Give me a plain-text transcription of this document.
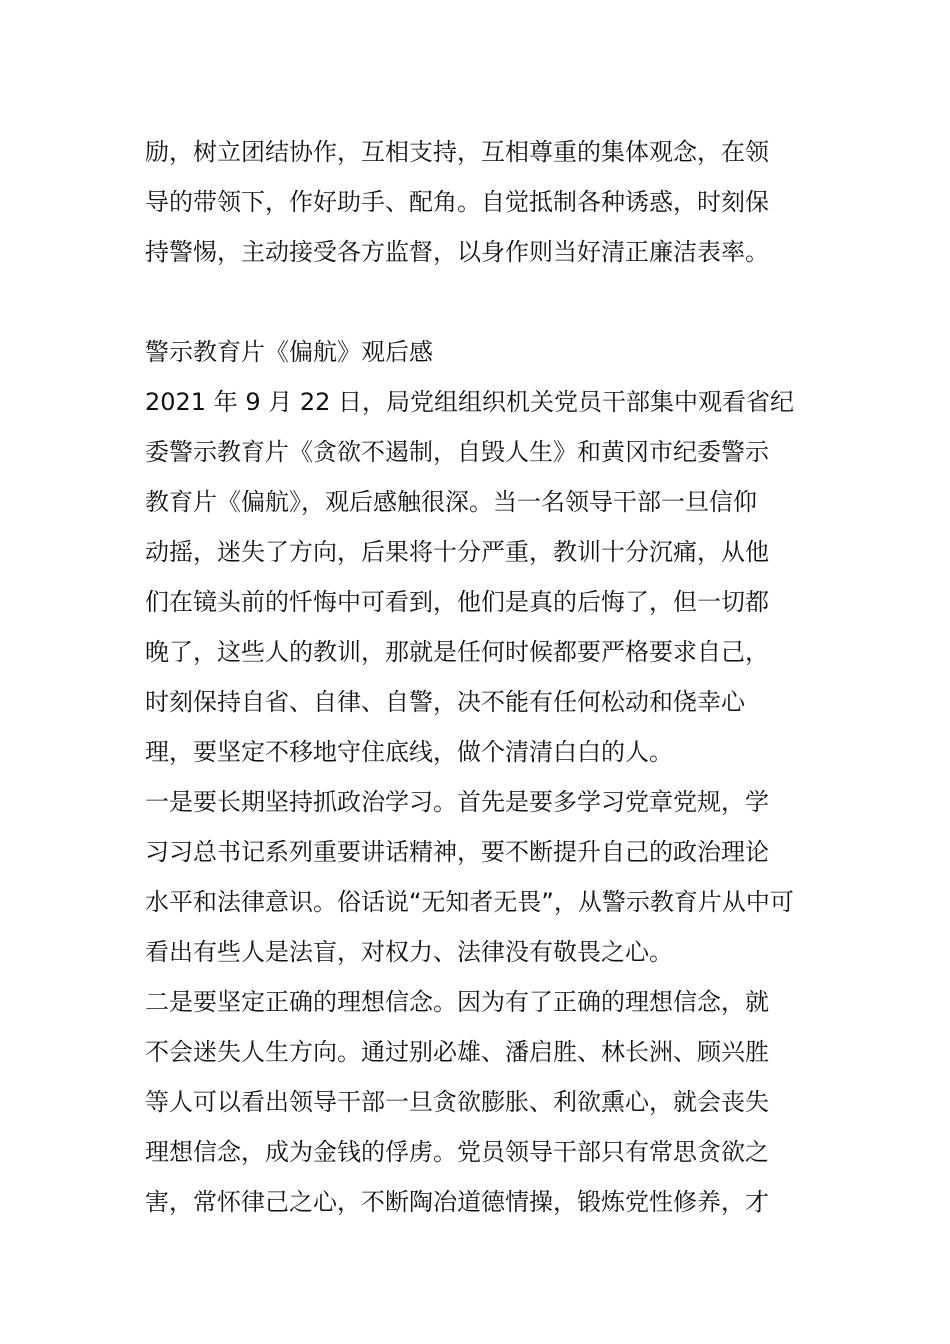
励，树立团结协作，互相支持，互相尊重的集体观念，在领
导的带领下，作好助手、配角。自觉抵制各种诱惑，时刻保
持警惕，主动接受各方监督，以身作则当好清正廉洁表率。
警示教育片《偏航》观后感
2021 年 9 月 22 日，局党组组织机关党员干部集中观看省纪
委警示教育片《贪欲不遏制，自毁人生》和黄冈市纪委警示
教育片《偏航》，观后感触很深。当一名领导干部一旦信仰
动摇，迷失了方向，后果将十分严重，教训十分沉痛，从他
们在镜头前的忏悔中可看到，他们是真的后悔了，但一切都
晚了，这些人的教训，那就是任何时候都要严格要求自己，
时刻保持自省、自律、自警，决不能有任何松动和侥幸心
理，要坚定不移地守住底线，做个清清白白的人。
一是要长期坚持抓政治学习。首先是要多学习党章党规，学
习习总书记系列重要讲话精神，要不断提升自己的政治理论
水平和法律意识。俗话说“无知者无畏”，从警示教育片从中可
看出有些人是法盲，对权力、法律没有敬畏之心。
二是要坚定正确的理想信念。因为有了正确的理想信念，就
不会迷失人生方向。通过别必雄、潘启胜、林长洲、顾兴胜
等人可以看出领导干部一旦贪欲膨胀、利欲熏心，就会丧失
理想信念，成为金钱的俘虏。党员领导干部只有常思贪欲之
害，常怀律己之心，不断陶冶道德情操，锻炼党性修养，才
